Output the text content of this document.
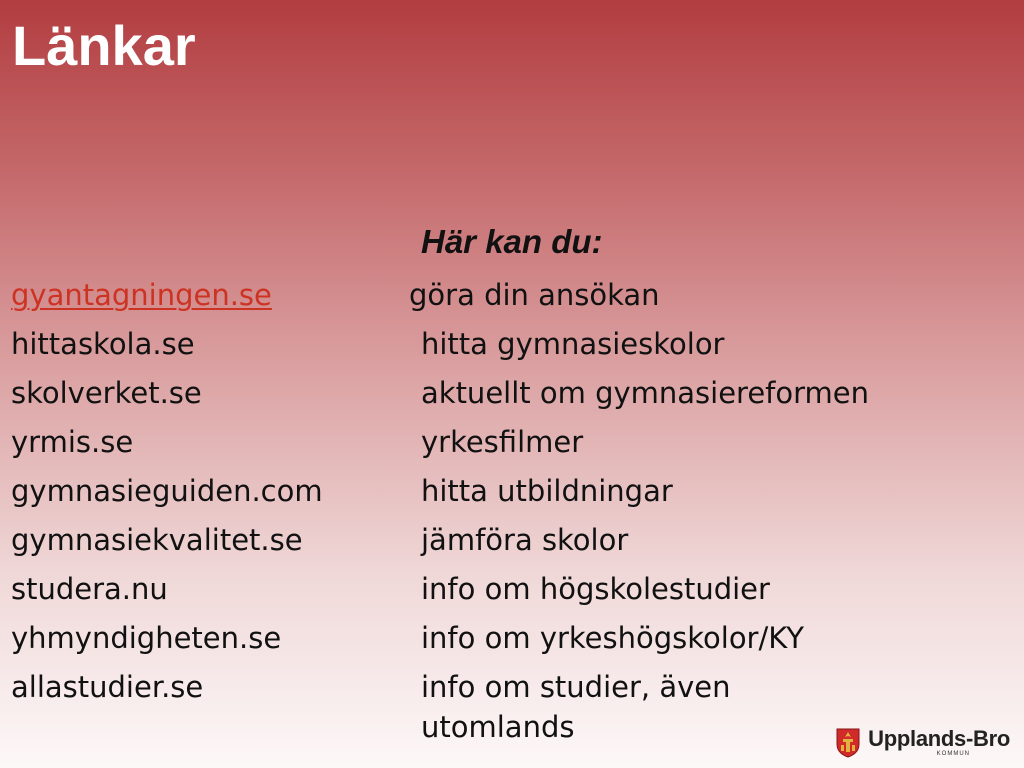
Länkar
Här kan du:
gyantagningen.se
hittaskola.se
skolverket.se
yrmis.se
gymnasieguiden.com
gymnasiekvalitet.se
studera.nu
yhmyndigheten.se
allastudier.se
göra din ansökan
hitta gymnasieskolor
aktuellt om gymnasiereformen
yrkesfilmer
hitta utbildningar
jämföra skolor
info om högskolestudier
info om yrkeshögskolor/KY
info om studier, även utomlands	Upplands-Bro
KOMMUN
